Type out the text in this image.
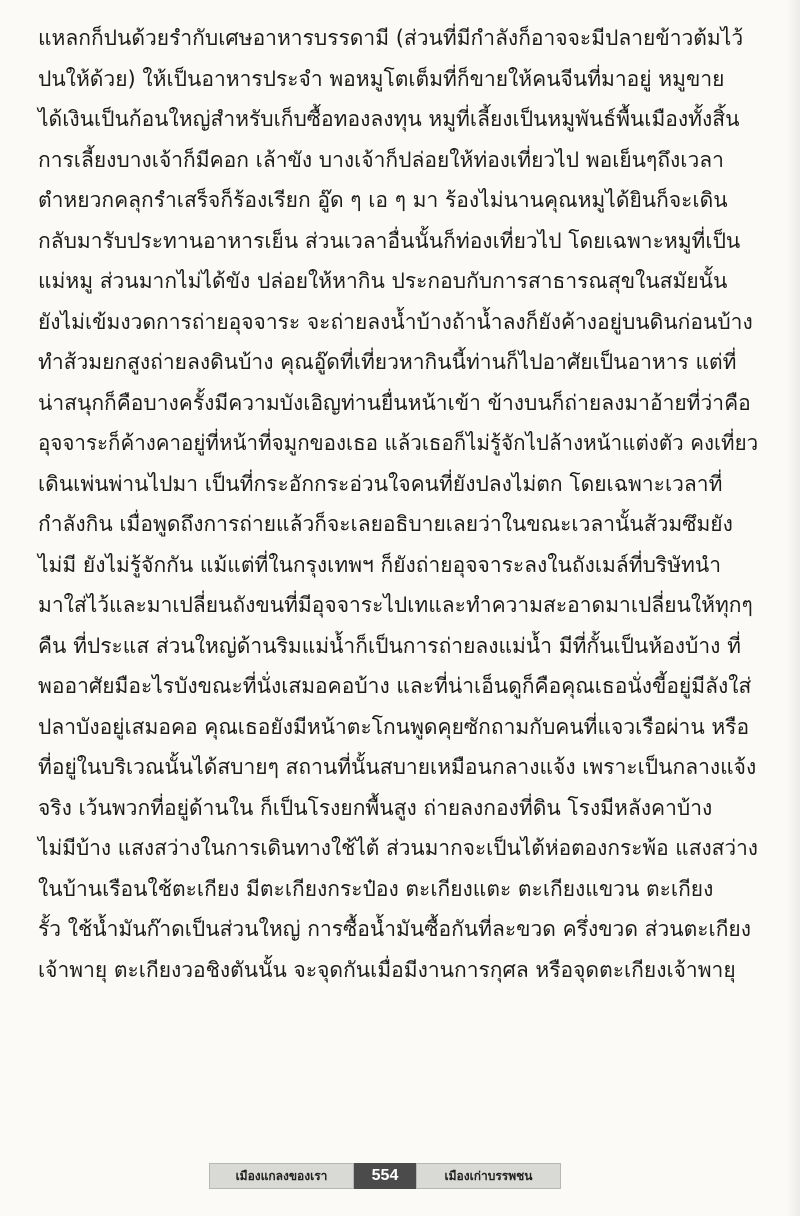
แหลกก็ปนด้วยรำกับเศษอาหารบรรดามี (ส่วนที่มีกำลังก็อาจจะมีปลายข้าวต้มไว้
ปนให้ด้วย) ให้เป็นอาหารประจำ พอหมูโตเต็มที่ก็ขายให้คนจีนที่มาอยู่ หมูขาย
ได้เงินเป็นก้อนใหญ่สำหรับเก็บซื้อทองลงทุน หมูที่เลี้ยงเป็นหมูพันธ์พื้นเมืองทั้งสิ้น
การเลี้ยงบางเจ้าก็มีคอก เล้าขัง บางเจ้าก็ปล่อยให้ท่องเที่ยวไป พอเย็นๆถึงเวลา
ตำหยวกคลุกรำเสร็จก็ร้องเรียก อู๊ด ๆ เอ ๆ มา ร้องไม่นานคุณหมูได้ยินก็จะเดิน
กลับมารับประทานอาหารเย็น ส่วนเวลาอื่นนั้นก็ท่องเที่ยวไป โดยเฉพาะหมูที่เป็น
แม่หมู ส่วนมากไม่ได้ขัง ปล่อยให้หากิน ประกอบกับการสาธารณสุขในสมัยนั้น
ยังไม่เข้มงวดการถ่ายอุจจาระ จะถ่ายลงน้ำบ้างถ้าน้ำลงก็ยังค้างอยู่บนดินก่อนบ้าง
ทำส้วมยกสูงถ่ายลงดินบ้าง คุณอู๊ดที่เที่ยวหากินนี้ท่านก็ไปอาศัยเป็นอาหาร แต่ที่
น่าสนุกก็คือบางครั้งมีความบังเอิญท่านยื่นหน้าเข้า ข้างบนก็ถ่ายลงมาอ้ายที่ว่าคือ
อุจจาระก็ค้างคาอยู่ที่หน้าที่จมูกของเธอ แล้วเธอก็ไม่รู้จักไปล้างหน้าแต่งตัว คงเที่ยว
เดินเพ่นพ่านไปมา เป็นที่กระอักกระอ่วนใจคนที่ยังปลงไม่ตก โดยเฉพาะเวลาที่
กำลังกิน เมื่อพูดถึงการถ่ายแล้วก็จะเลยอธิบายเลยว่าในขณะเวลานั้นส้วมซึมยัง
ไม่มี ยังไม่รู้จักกัน แม้แต่ที่ในกรุงเทพฯ ก็ยังถ่ายอุจจาระลงในถังเมล์ที่บริษัทนำ
มาใส่ไว้และมาเปลี่ยนถังขนที่มีอุจจาระไปเทและทำความสะอาดมาเปลี่ยนให้ทุกๆ
คืน ที่ประแส ส่วนใหญ่ด้านริมแม่น้ำก็เป็นการถ่ายลงแม่น้ำ มีที่กั้นเป็นห้องบ้าง ที่
พออาศัยมือะไรบังขณะที่นั่งเสมอคอบ้าง และที่น่าเอ็นดูก็คือคุณเธอนั่งขี้อยู่มีลังใส่
ปลาบังอยู่เสมอคอ คุณเธอยังมีหน้าตะโกนพูดคุยซักถามกับคนที่แจวเรือผ่าน หรือ
ที่อยู่ในบริเวณนั้นได้สบายๆ สถานที่นั้นสบายเหมือนกลางแจ้ง เพราะเป็นกลางแจ้ง
จริง เว้นพวกที่อยู่ด้านใน ก็เป็นโรงยกพื้นสูง ถ่ายลงกองที่ดิน โรงมีหลังคาบ้าง
ไม่มีบ้าง แสงสว่างในการเดินทางใช้ไต้ ส่วนมากจะเป็นไต้ห่อตองกระพ้อ แสงสว่าง
ในบ้านเรือนใช้ตะเกียง มีตะเกียงกระป๋อง ตะเกียงแตะ ตะเกียงแขวน ตะเกียง
รั้ว ใช้น้ำมันก๊าดเป็นส่วนใหญ่ การซื้อน้ำมันซื้อกันที่ละขวด ครึ่งขวด ส่วนตะเกียง
เจ้าพายุ ตะเกียงวอชิงตันนั้น จะจุดกันเมื่อมีงานการกุศล หรือจุดตะเกียงเจ้าพายุ
เมืองแกลงของเรา	554	เมืองเก่าบรรพชน
